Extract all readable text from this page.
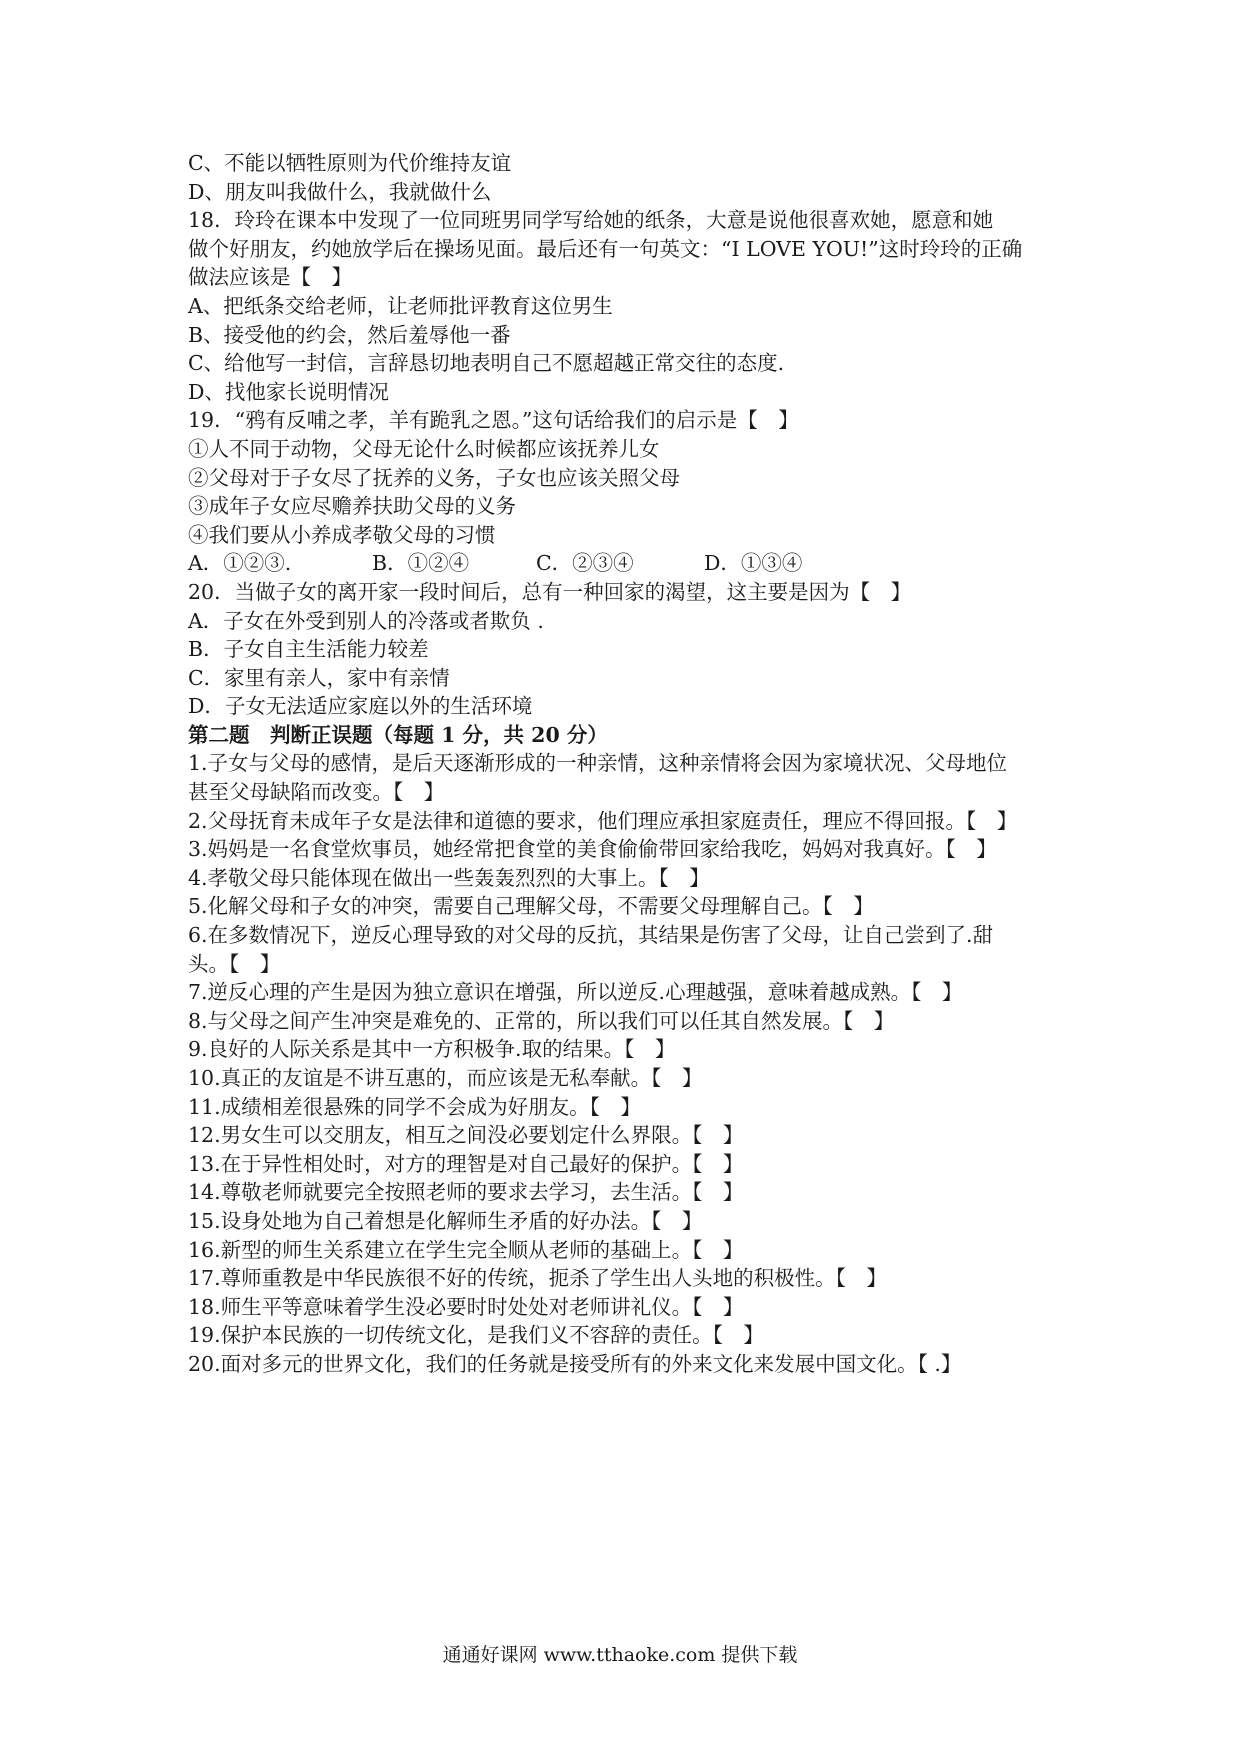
C、不能以牺牲原则为代价维持友谊
D、朋友叫我做什么，我就做什么
18．玲玲在课本中发现了一位同班男同学写给她的纸条，大意是说他很喜欢她，愿意和她
做个好朋友，约她放学后在操场见面。最后还有一句英文：“I LOVE YOU!”这时玲玲的正确
做法应该是【　】
A、把纸条交给老师，让老师批评教育这位男生
B、接受他的约会，然后羞辱他一番
C、给他写一封信，言辞恳切地表明自己不愿超越正常交往的态度.
D、找他家长说明情况
19．“鸦有反哺之孝，羊有跪乳之恩。”这句话给我们的启示是【　】
①人不同于动物，父母无论什么时候都应该抚养儿女
②父母对于子女尽了抚养的义务，子女也应该关照父母
③成年子女应尽赡养扶助父母的义务
④我们要从小养成孝敬父母的习惯
A．①②③.	B．①②④	C．②③④	D．①③④
20．当做子女的离开家一段时间后，总有一种回家的渴望，这主要是因为【　】
A．子女在外受到别人的冷落或者欺负 .
B．子女自主生活能力较差
C．家里有亲人，家中有亲情
D．子女无法适应家庭以外的生活环境
第二题　判断正误题（每题 1 分，共 20 分）
1.子女与父母的感情，是后天逐渐形成的一种亲情，这种亲情将会因为家境状况、父母地位
甚至父母缺陷而改变。【　】
2.父母抚育未成年子女是法律和道德的要求，他们理应承担家庭责任，理应不得回报。【　】
3.妈妈是一名食堂炊事员，她经常把食堂的美食偷偷带回家给我吃，妈妈对我真好。【　】
4.孝敬父母只能体现在做出一些轰轰烈烈的大事上。【　】
5.化解父母和子女的冲突，需要自己理解父母，不需要父母理解自己。【　】
6.在多数情况下，逆反心理导致的对父母的反抗，其结果是伤害了父母，让自己尝到了.甜
头。【　】
7.逆反心理的产生是因为独立意识在增强，所以逆反.心理越强，意味着越成熟。【　】
8.与父母之间产生冲突是难免的、正常的，所以我们可以任其自然发展。【　】
9.良好的人际关系是其中一方积极争.取的结果。【　】
10.真正的友谊是不讲互惠的，而应该是无私奉献。【　】
11.成绩相差很悬殊的同学不会成为好朋友。【　】
12.男女生可以交朋友，相互之间没必要划定什么界限。【　】
13.在于异性相处时，对方的理智是对自己最好的保护。【　】
14.尊敬老师就要完全按照老师的要求去学习，去生活。【　】
15.设身处地为自己着想是化解师生矛盾的好办法。【　】
16.新型的师生关系建立在学生完全顺从老师的基础上。【　】
17.尊师重教是中华民族很不好的传统，扼杀了学生出人头地的积极性。【　】
18.师生平等意味着学生没必要时时处处对老师讲礼仪。【　】
19.保护本民族的一切传统文化，是我们义不容辞的责任。【　】
20.面对多元的世界文化，我们的任务就是接受所有的外来文化来发展中国文化。【 .】
通通好课网 www.tthaoke.com 提供下载
